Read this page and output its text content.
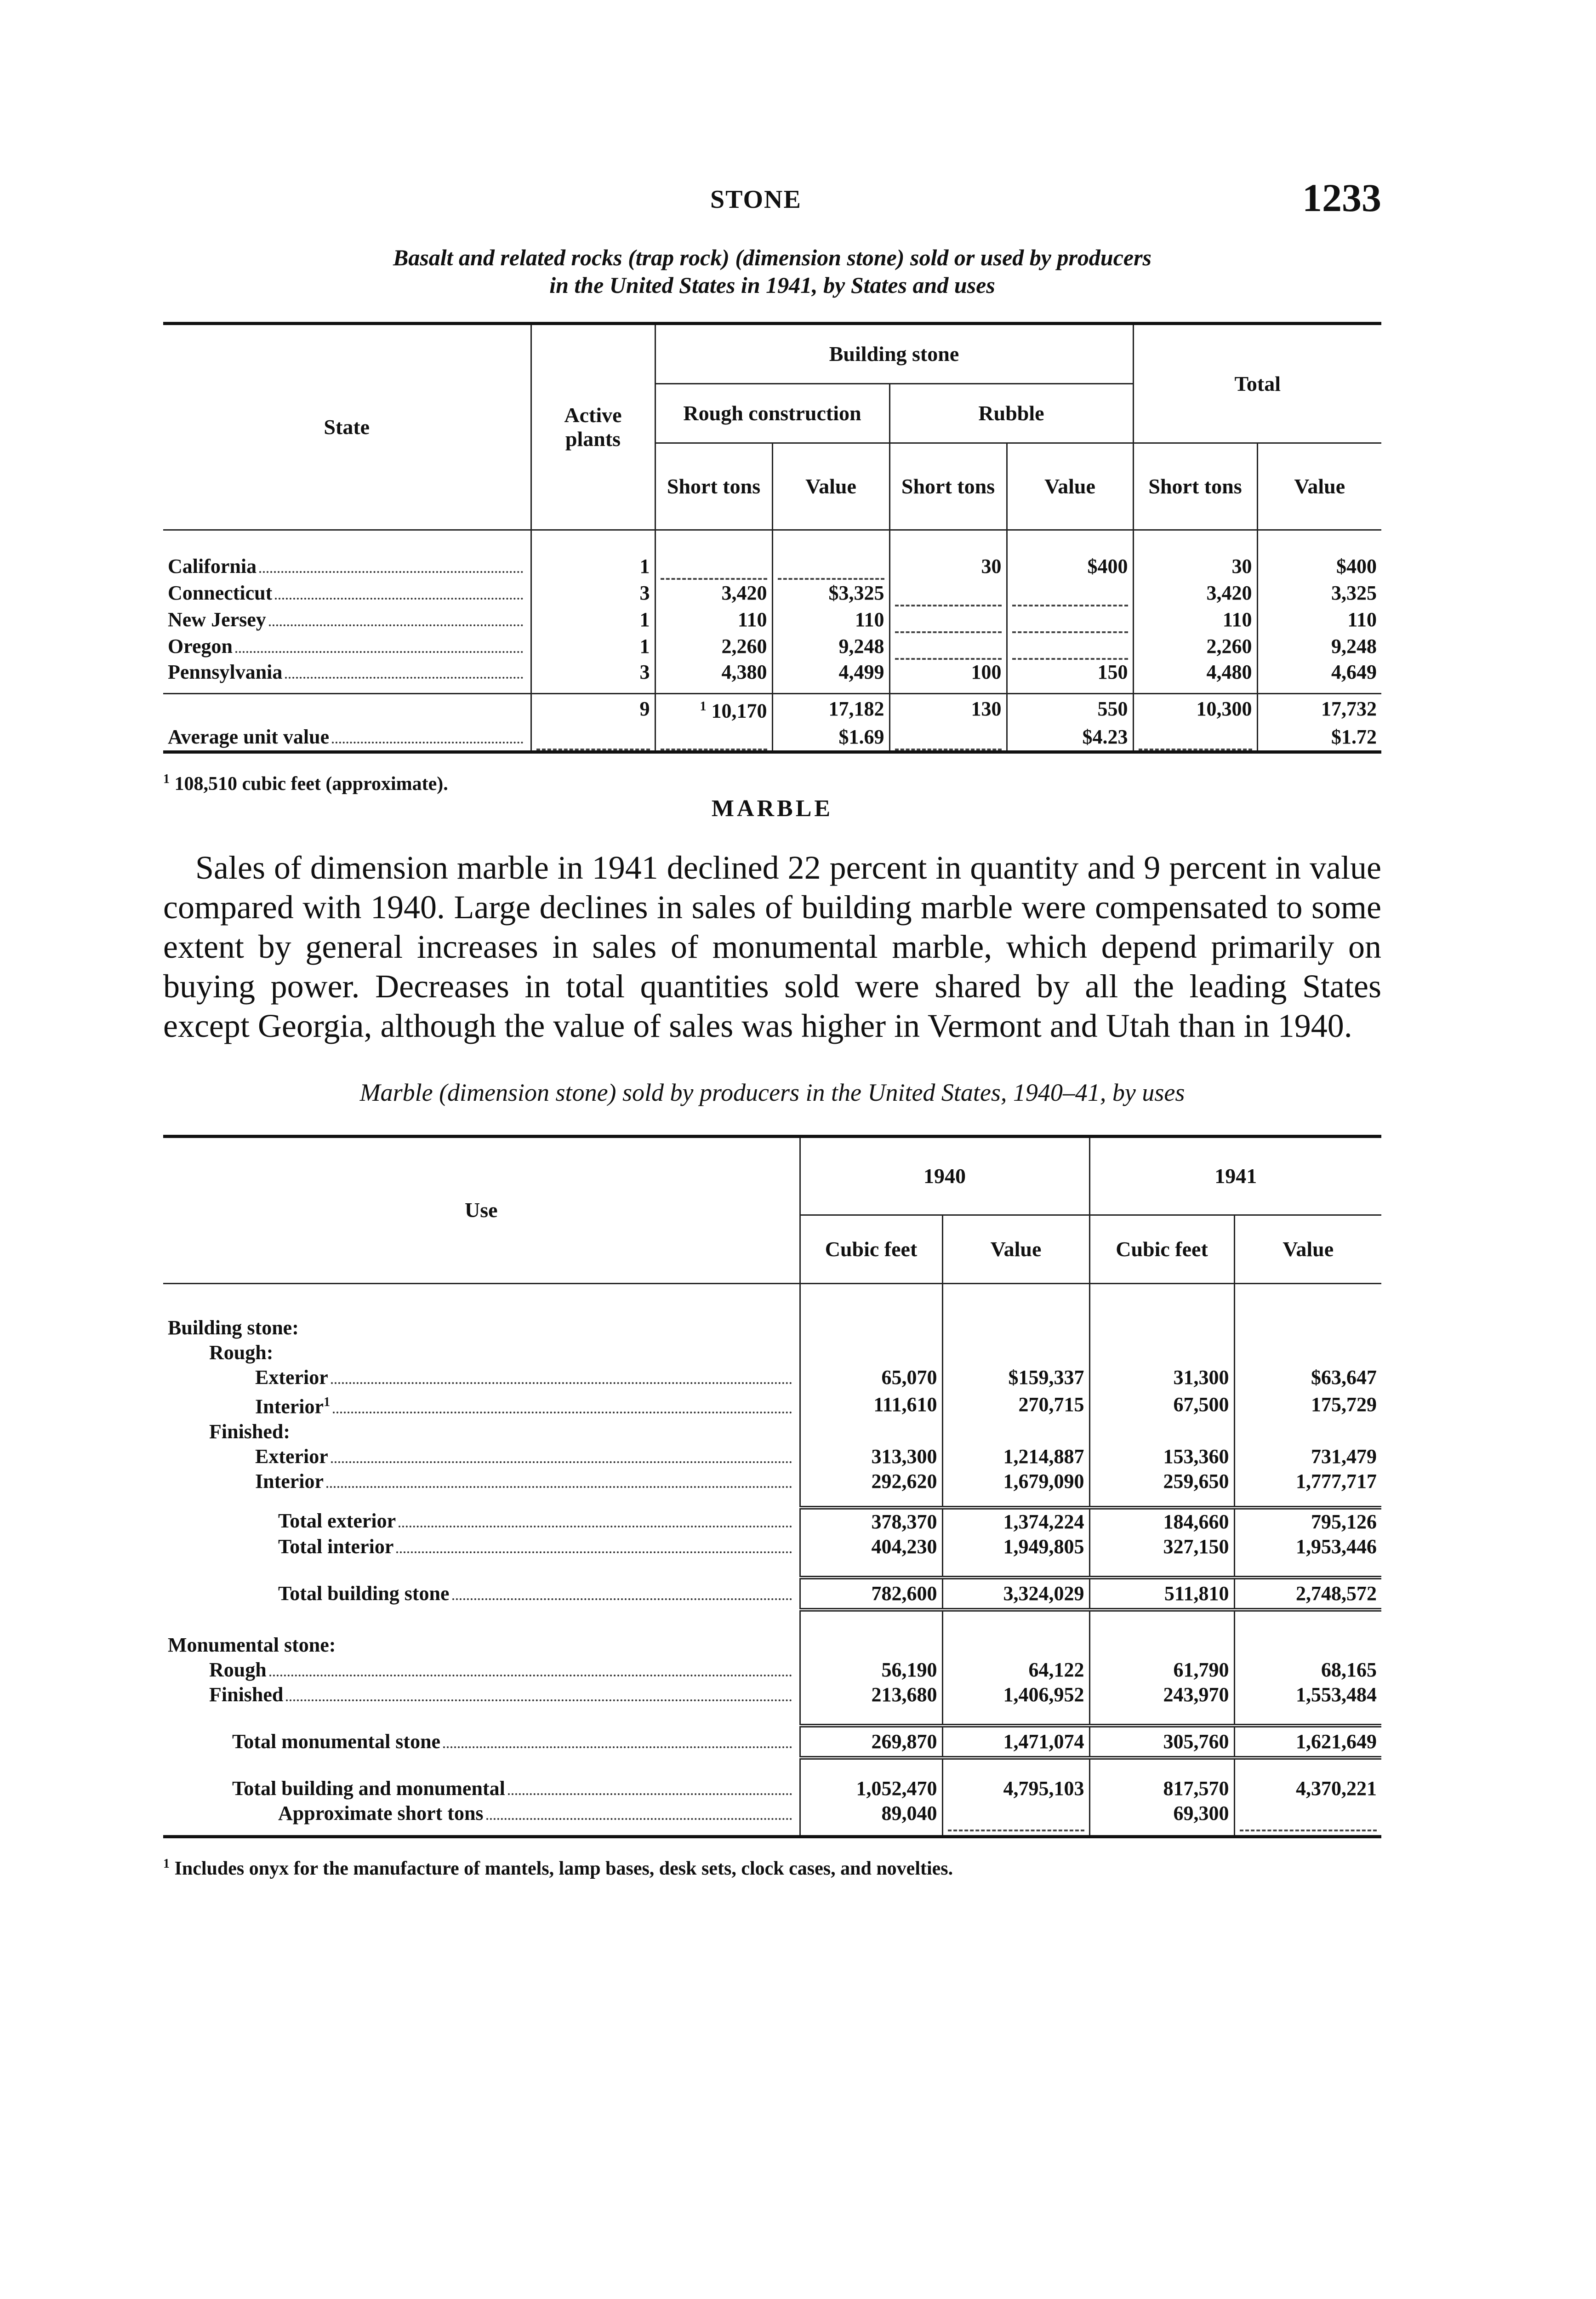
STONE	1233

Basalt and related rocks (trap rock) (dimension stone) sold or used by producers
in the United States in 1941, by States and uses

State	Active plants	Building stone				Total	
		Rough construction		Rubble			
		Short tons	Value	Short tons	Value	Short tons	Value

California	1			30	$400	30	$400

Connecticut	3	3,420	$3,325			3,420	3,325

New Jersey	1	110	110			110	110

Oregon	1	2,260	9,248			2,260	9,248

Pennsylvania	3	4,380	4,499	100	150	4,480	4,649

	9	$^1$ 10,170	17,182	130	550	10,300	17,732

Average unit value			$1.69		$4.23		$1.72
$^1$ 108,510 cubic feet (approximate).
MARBLE

Sales of dimension marble in 1941 declined 22 percent in quantity and 9 percent in value compared with 1940. Large declines in sales of building marble were compensated to some extent by general increases in sales of monumental marble, which depend primarily on buying power. Decreases in total quantities sold were shared by all the leading States except Georgia, although the value of sales was higher in Vermont and Utah than in 1940.

Marble (dimension stone) sold by producers in the United States, 1940–41, by uses

Use	1940		1941	
	Cubic feet	Value	Cubic feet	Value

Building stone:				
Rough:				

Exterior	65,070	$159,337	31,300	$63,647

Interior$^1$	111,610	270,715	67,500	175,729
Finished:				

Exterior	313,300	1,214,887	153,360	731,479

Interior	292,620	1,679,090	259,650	1,777,717

Total exterior	378,370	1,374,224	184,660	795,126

Total interior	404,230	1,949,805	327,150	1,953,446

Total building stone	782,600	3,324,029	511,810	2,748,572

Monumental stone:				

Rough	56,190	64,122	61,790	68,165

Finished	213,680	1,406,952	243,970	1,553,484

Total monumental stone	269,870	1,471,074	305,760	1,621,649

Total building and monumental	1,052,470	4,795,103	817,570	4,370,221

Approximate short tons	89,040		69,300	

$^1$ Includes onyx for the manufacture of mantels, lamp bases, desk sets, clock cases, and novelties.
